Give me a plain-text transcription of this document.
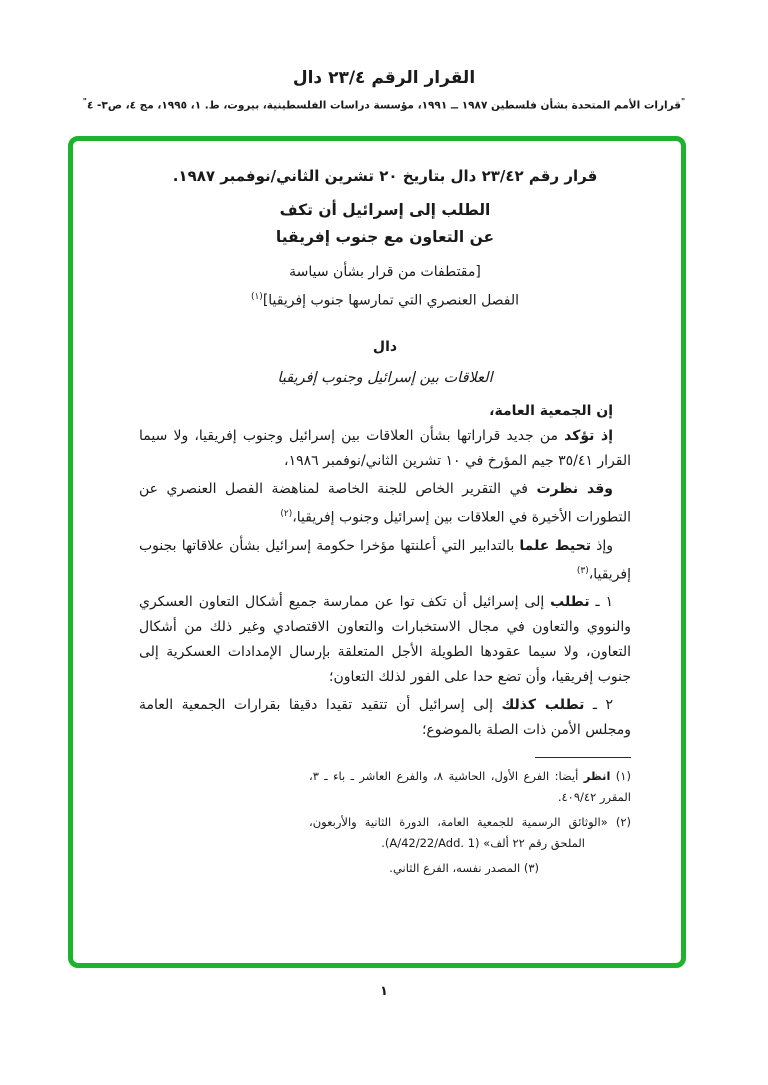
القرار الرقم ٢٣/٤ دال
"قرارات الأمم المتحدة بشأن فلسطين ١٩٨٧ ــ ١٩٩١، مؤسسة دراسات الفلسطينية، بيروت، ط. ١، ١٩٩٥، مج ٤، ص٣- ٤"
قرار رقم ٢٣/٤٢ دال بتاريخ ٢٠ تشرين الثاني/نوفمبر ١٩٨٧.
الطلب إلى إسرائيل أن تكف
عن التعاون مع جنوب إفريقيا
[مقتطفات من قرار بشأن سياسة
الفصل العنصري التي تمارسها جنوب إفريقيا]$^{(١)}$
دال
العلاقات بين إسرائيل وجنوب إفريقيا
إن الجمعية العامة،

إذ تؤكد من جديد قراراتها بشأن العلاقات بين إسرائيل وجنوب إفريقيا، ولا سيما القرار ٣٥/٤١ جيم المؤرخ في ١٠ تشرين الثاني/نوفمبر ١٩٨٦،

وقد نظرت في التقرير الخاص للجنة الخاصة لمناهضة الفصل العنصري عن التطورات الأخيرة في العلاقات بين إسرائيل وجنوب إفريقيا،$^{(٢)}$

وإذ تحيط علما بالتدابير التي أعلنتها مؤخرا حكومة إسرائيل بشأن علاقاتها بجنوب إفريقيا،$^{(٣)}$

١ ـ تطلب إلى إسرائيل أن تكف توا عن ممارسة جميع أشكال التعاون العسكري والنووي والتعاون في مجال الاستخبارات والتعاون الاقتصادي وغير ذلك من أشكال التعاون، ولا سيما عقودها الطويلة الأجل المتعلقة بإرسال الإمدادات العسكرية إلى جنوب إفريقيا، وأن تضع حدا على الفور لذلك التعاون؛

٢ ـ تطلب كذلك إلى إسرائيل أن تتقيد تقيدا دقيقا بقرارات الجمعية العامة ومجلس الأمن ذات الصلة بالموضوع؛

(١) انظر أيضا: الفرع الأول، الحاشية ٨، والفرع العاشر ـ باء ـ ٣، المقرر ٤٠٩/٤٢.
(٢) «الوثائق الرسمية للجمعية العامة، الدورة الثانية والأربعون، الملحق رقم ٢٢ ألف» (A/42/22/Add. 1).
(٣) المصدر نفسه، الفرع الثاني.
١
